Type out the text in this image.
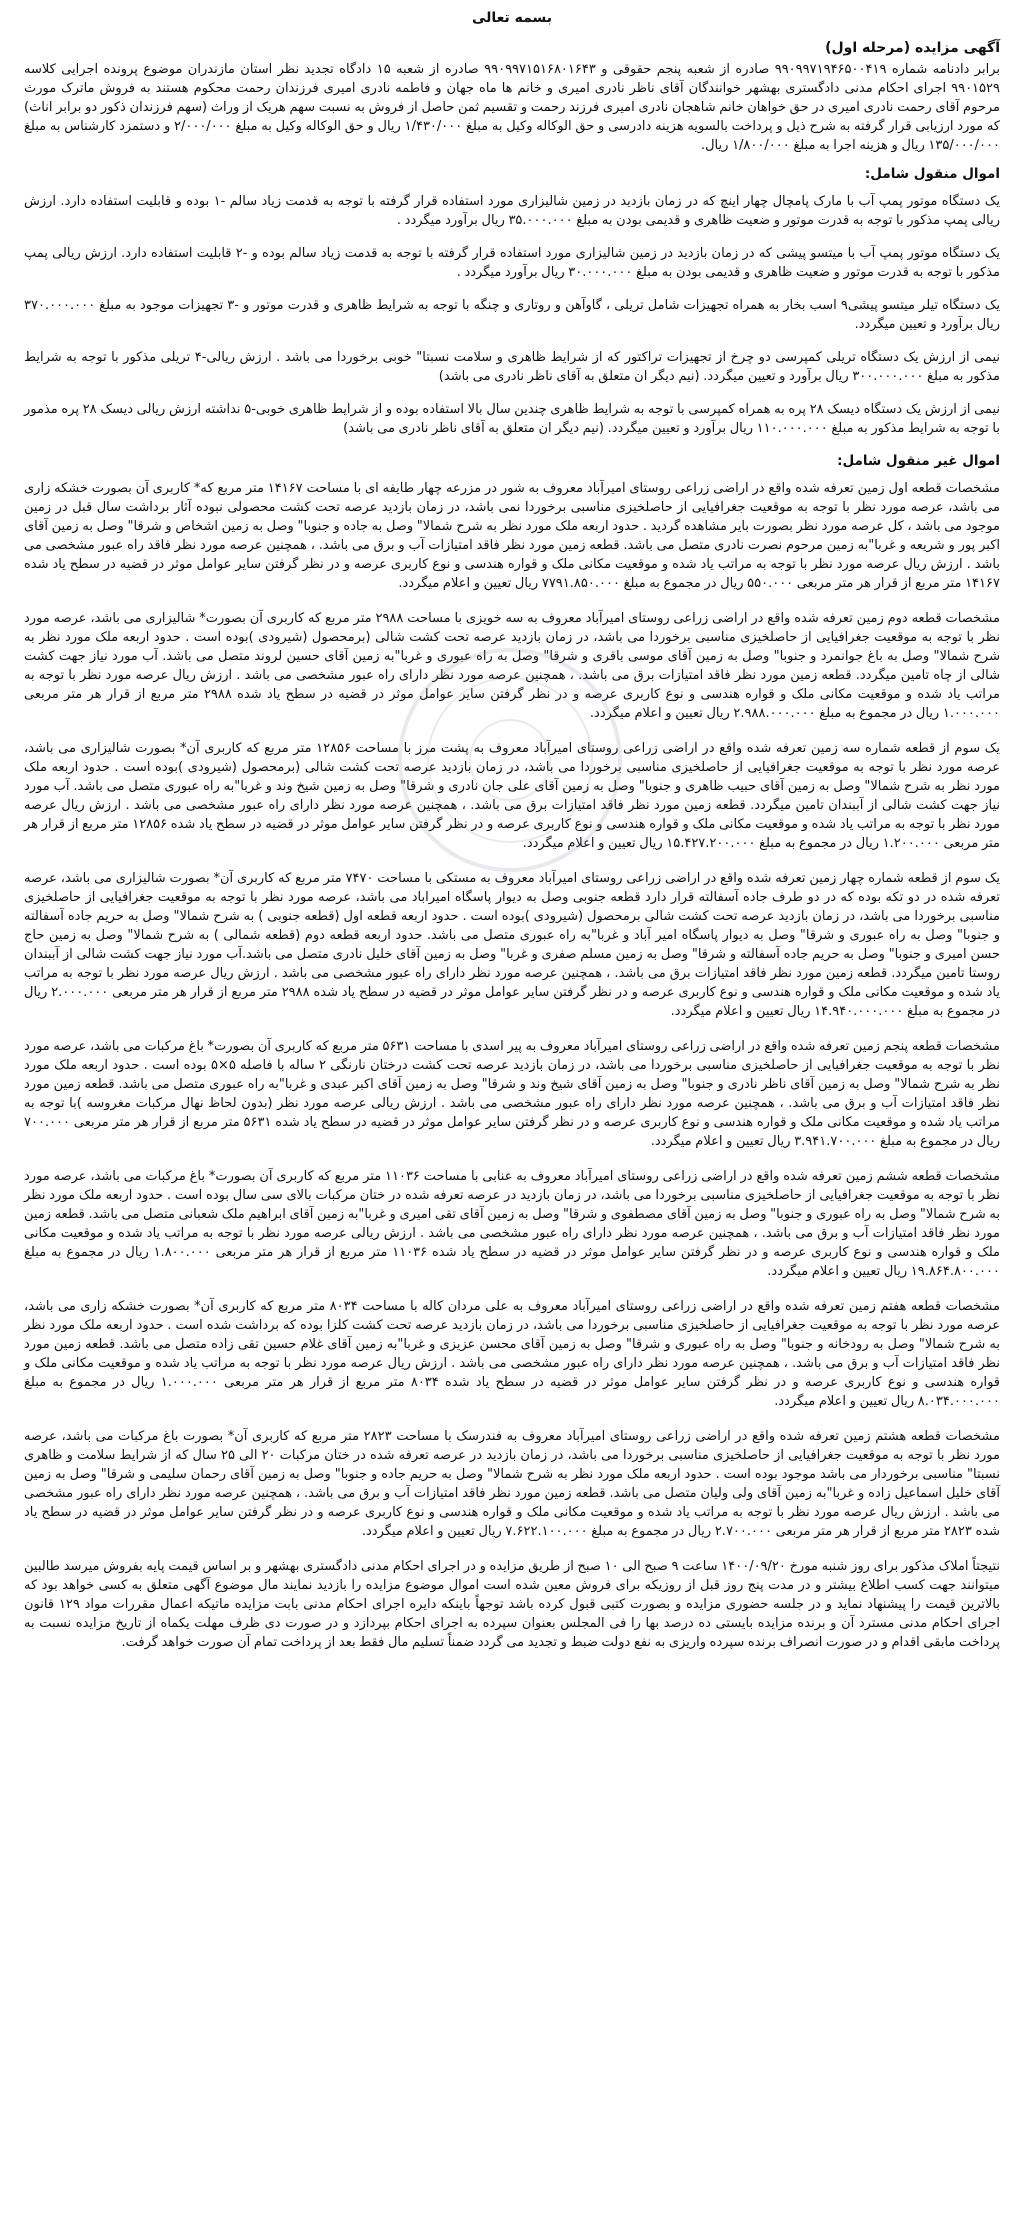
بسمه تعالی
آگهی مزایده (مرحله اول)

برابر دادنامه شماره ۹۹۰۹۹۷۱۹۴۶۵۰۰۴۱۹ صادره از شعبه پنجم حقوقی و ۹۹۰۹۹۷۱۵۱۶۸۰۱۶۴۳ صادره از شعبه ۱۵ دادگاه تجدید نظر استان مازندران موضوع پرونده اجرایی کلاسه ۹۹۰۱۵۲۹ اجرای احکام مدنی دادگستری بهشهر خوانندگان آقای ناظر نادری امیری و خانم ها ماه جهان و فاطمه نادری امیری فرزندان رحمت محکوم هستند به فروش ماترک مورث مرحوم آقای رحمت نادری امیری در حق خواهان خانم شاهجان نادری امیری فرزند رحمت و تقسیم ثمن حاصل از فروش به نسبت سهم هریک از وراث (سهم فرزندان ذکور دو برابر اناث) که مورد ارزیابی قرار گرفته به شرح ذیل و پرداخت بالسویه هزینه دادرسی و حق الوکاله وکیل به مبلغ ۱/۴۳۰/۰۰۰ ریال و حق الوکاله وکیل به مبلغ ۲/۰۰۰/۰۰۰ و دستمزد کارشناس به مبلغ ۱۳۵/۰۰۰/۰۰۰ ریال و هزینه اجرا به مبلغ ۱/۸۰۰/۰۰۰ ریال.

اموال منقول شامل:

یک دستگاه موتور پمپ آب با مارک پامچال چهار اینچ که در زمان بازدید در زمین شالیزاری مورد استفاده قرار گرفته با توجه به قدمت زیاد سالم -۱ بوده و قابلیت استفاده دارد. ارزش ریالی پمپ مذکور با توجه به قدرت موتور و ضعیت ظاهری و قدیمی بودن به مبلغ ۳۵.۰۰۰.۰۰۰ ریال برآورد میگردد .

یک دستگاه موتور پمپ آب با میتسو پیشی که در زمان بازدید در زمین شالیزاری مورد استفاده قرار گرفته با توجه به قدمت زیاد سالم بوده و -۲ قابلیت استفاده دارد. ارزش ریالی پمپ مذکور با توجه به قدرت موتور و ضعیت ظاهری و قدیمی بودن به مبلغ ۳۰.۰۰۰.۰۰۰ ریال برآورد میگردد .

یک دستگاه تیلر میتسو پیشی۹ اسب بخار به همراه تجهیزات شامل تریلی ، گاوآهن و روتاری و چنگه با توجه به شرایط ظاهری و قدرت موتور و -۳ تجهیزات موجود به مبلغ ۳۷۰.۰۰۰.۰۰۰ ریال برآورد و تعیین میگردد.

نیمی از ارزش یک دستگاه تریلی کمپرسی دو چرخ از تجهیزات تراکتور که از شرایط ظاهری و سلامت نسبتا" خوبی برخوردا می باشد . ارزش ریالی-۴ تریلی مذکور با توجه به شرایط مذکور به مبلغ ۳۰۰.۰۰۰.۰۰۰ ریال برآورد و تعیین میگردد. (نیم دیگر ان متعلق به آقای ناظر نادری می باشد)

نیمی از ارزش یک دستگاه دیسک ۲۸ پره به همراه کمپرسی با توجه به شرایط ظاهری چندین سال بالا استفاده بوده و از شرایط ظاهری خوبی-۵ نداشته ارزش ریالی دیسک ۲۸ پره مذمور با توجه به شرایط مذکور به مبلغ ۱۱۰.۰۰۰.۰۰۰ ریال برآورد و تعیین میگردد. (نیم دیگر ان متعلق به آقای ناظر نادری می باشد)

اموال غیر منقول شامل:

مشخصات قطعه اول زمین تعرفه شده واقع در اراضی زراعی روستای امیرآباد معروف به شور در مزرعه چهار طایفه ای با مساحت ۱۴۱۶۷ متر مربع که* کاربری آن بصورت خشکه زاری می باشد، عرصه مورد نظر با توجه به موقعیت جغرافیایی از حاصلخیزی مناسبی برخوردا نمی باشد، در زمان بازدید عرصه تحت کشت محصولی نبوده آثار برداشت سال قبل در زمین موجود می باشد ، کل عرصه مورد نظر بصورت بایر مشاهده گردید . حدود اربعه ملک مورد نظر به شرح شمالا" وصل به جاده و جنوبا" وصل به زمین اشخاص و شرقا" وصل به زمین آقای اکبر پور و شریعه و غربا"به زمین مرحوم نصرت نادری متصل می باشد. قطعه زمین مورد نظر فاقد امتیازات آب و برق می باشد. ، همچنین عرصه مورد نظر فاقد راه عبور مشخصی می باشد . ارزش ریال عرصه مورد نظر با توجه به مراتب یاد شده و موقعیت مکانی ملک و قواره هندسی و نوع کاربری عرصه و در نظر گرفتن سایر عوامل موثر در قضیه در سطح یاد شده ۱۴۱۶۷ متر مربع از قرار هر متر مربعی ۵۵۰.۰۰۰ ریال در مجموع به مبلغ ۷۷۹۱.۸۵۰.۰۰۰ ریال تعیین و اعلام میگردد.

مشخصات قطعه دوم زمین تعرفه شده واقع در اراضی زراعی روستای امیرآباد معروف به سه خویزی با مساحت ۲۹۸۸ متر مربع که کاربری آن بصورت* شالیزاری می باشد، عرصه مورد نظر با توجه به موقعیت جغرافیایی از حاصلخیزی مناسبی برخوردا می باشد، در زمان بازدید عرصه تحت کشت شالی (برمحصول (شیرودی )بوده است . حدود اربعه ملک مورد نظر به شرح شمالا" وصل به باغ جوانمرد و جنوبا" وصل به زمین آقای موسی باقری و شرقا" وصل به راه عبوری و غربا"به زمین آقای حسین لروند متصل می باشد. آب مورد نیاز جهت کشت شالی از چاه تامین میگردد. قطعه زمین مورد نظر فاقد امتیازات برق می باشد. ، همچنین عرصه مورد نظر دارای راه عبور مشخصی می باشد . ارزش ریال عرصه مورد نظر با توجه به مراتب یاد شده و موقعیت مکانی ملک و قواره هندسی و نوع کاربری عرصه و در نظر گرفتن سایر عوامل موثر در قضیه در سطح یاد شده ۲۹۸۸ متر مربع از قرار هر متر مربعی ۱.۰۰۰.۰۰۰ ریال در مجموع به مبلغ ۲.۹۸۸.۰۰۰.۰۰۰ ریال تعیین و اعلام میگردد.

یک سوم از قطعه شماره سه زمین تعرفه شده واقع در اراضی زراعی روستای امیرآباد معروف به پشت مرز با مساحت ۱۲۸۵۶ متر مربع که کاربری آن* بصورت شالیزاری می باشد، عرصه مورد نظر با توجه به موقعیت جغرافیایی از حاصلخیزی مناسبی برخوردا می باشد، در زمان بازدید عرصه تحت کشت شالی (برمحصول (شیرودی )بوده است . حدود اربعه ملک مورد نظر به شرح شمالا" وصل به زمین آقای حبیب ظاهری و جنوبا" وصل به زمین آقای علی جان نادری و شرقا" وصل به زمین شیخ وند و غربا"به راه عبوری متصل می باشد. آب مورد نیاز جهت کشت شالی از آببندان تامین میگردد. قطعه زمین مورد نظر فاقد امتیازات برق می باشد. ، همچنین عرصه مورد نظر دارای راه عبور مشخصی می باشد . ارزش ریال عرصه مورد نظر با توجه به مراتب یاد شده و موقعیت مکانی ملک و قواره هندسی و نوع کاربری عرصه و در نظر گرفتن سایر عوامل موثر در قضیه در سطح یاد شده ۱۲۸۵۶ متر مربع از قرار هر متر مربعی ۱.۲۰۰.۰۰۰ ریال در مجموع به مبلغ ۱۵.۴۲۷.۲۰۰.۰۰۰ ریال تعیین و اعلام میگردد.

یک سوم از قطعه شماره چهار زمین تعرفه شده واقع در اراضی زراعی روستای امیرآباد معروف به مستکی با مساحت ۷۴۷۰ متر مربع که کاربری آن* بصورت شالیزاری می باشد، عرصه تعرفه شده در دو تکه بوده که در دو طرف جاده آسفالته قرار دارد قطعه جنوبی وصل به دیوار پاسگاه امیراباد می باشد، عرصه مورد نظر با توجه به موقعیت جغرافیایی از حاصلخیزی مناسبی برخوردا می باشد، در زمان بازدید عرصه تحت کشت شالی برمحصول (شیرودی )بوده است . حدود اربعه قطعه اول (قطعه جنوبی ) به شرح شمالا" وصل به حریم جاده آسفالته و جنوبا" وصل به راه عبوری و شرقا" وصل به دیوار پاسگاه امیر آباد و غربا"به راه عبوری متصل می باشد. حدود اربعه قطعه دوم (قطعه شمالی ) به شرح شمالا" وصل به زمین حاج حسن امیری و جنوبا" وصل به حریم جاده آسفالته و شرقا" وصل به زمین مسلم صفری و غربا" وصل به زمین آقای خلیل نادری متصل می باشد.آب مورد نیاز جهت کشت شالی از آببندان روستا تامین میگردد. قطعه زمین مورد نظر فاقد امتیازات برق می باشد. ، همچنین عرصه مورد نظر دارای راه عبور مشخصی می باشد . ارزش ریال عرصه مورد نظر با توجه به مراتب یاد شده و موقعیت مکانی ملک و قواره هندسی و نوع کاربری عرصه و در نظر گرفتن سایر عوامل موثر در قضیه در سطح یاد شده ۲۹۸۸ متر مربع از قرار هر متر مربعی ۲.۰۰۰.۰۰۰ ریال در مجموع به مبلغ ۱۴.۹۴۰.۰۰۰.۰۰۰ ریال تعیین و اعلام میگردد.

مشخصات قطعه پنجم زمین تعرفه شده واقع در اراضی زراعی روستای امیرآباد معروف به پیر اسدی با مساحت ۵۶۳۱ متر مربع که کاربری آن بصورت* باغ مرکبات می باشد، عرصه مورد نظر با توجه به موقعیت جغرافیایی از حاصلخیزی مناسبی برخوردا می باشد، در زمان بازدید عرصه تحت کشت درختان نارنگی ۲ ساله با فاصله ۵×۵ بوده است . حدود اربعه ملک مورد نظر به شرح شمالا" وصل به زمین آقای ناظر نادری و جنوبا" وصل به زمین آقای شیخ وند و شرقا" وصل به زمین آقای اکبر عبدی و غربا"به راه عبوری متصل می باشد. قطعه زمین مورد نظر فاقد امتیازات آب و برق می باشد. ، همچنین عرصه مورد نظر دارای راه عبور مشخصی می باشد . ارزش ریالی عرصه مورد نظر (بدون لحاظ نهال مرکبات مغروسه )با توجه به مراتب یاد شده و موقعیت مکانی ملک و قواره هندسی و نوع کاربری عرصه و در نظر گرفتن سایر عوامل موثر در قضیه در سطح یاد شده ۵۶۳۱ متر مربع از قرار هر متر مربعی ۷۰۰.۰۰۰ ریال در مجموع به مبلغ ۳.۹۴۱.۷۰۰.۰۰۰ ریال تعیین و اعلام میگردد.

مشخصات قطعه ششم زمین تعرفه شده واقع در اراضی زراعی روستای امیرآباد معروف به عنابی با مساحت ۱۱۰۳۶ متر مربع که کاربری آن بصورت* باغ مرکبات می باشد، عرصه مورد نظر با توجه به موقعیت جغرافیایی از حاصلخیزی مناسبی برخوردا می باشد، در زمان بازدید در عرصه تعرفه شده در ختان مرکبات بالای سی سال بوده است . حدود اربعه ملک مورد نظر به شرح شمالا" وصل به راه عبوری و جنوبا" وصل به زمین آقای مصطفوی و شرقا" وصل به زمین آقای تقی امیری و غربا"به زمین آقای ابراهیم ملک شعبانی متصل می باشد. قطعه زمین مورد نظر فاقد امتیازات آب و برق می باشد. ، همچنین عرصه مورد نظر دارای راه عبور مشخصی می باشد . ارزش ریالی عرصه مورد نظر با توجه به مراتب یاد شده و موقعیت مکانی ملک و قواره هندسی و نوع کاربری عرصه و در نظر گرفتن سایر عوامل موثر در قضیه در سطح یاد شده ۱۱۰۳۶ متر مربع از قرار هر متر مربعی ۱.۸۰۰.۰۰۰ ریال در مجموع به مبلغ ۱۹.۸۶۴.۸۰۰.۰۰۰ ریال تعیین و اعلام میگردد.

مشخصات قطعه هفتم زمین تعرفه شده واقع در اراضی زراعی روستای امیرآباد معروف به علی مردان کاله با مساحت ۸۰۳۴ متر مربع که کاربری آن* بصورت خشکه زاری می باشد، عرصه مورد نظر با توجه به موقعیت جغرافیایی از حاصلخیزی مناسبی برخوردا می باشد، در زمان بازدید عرصه تحت کشت کلزا بوده که برداشت شده است . حدود اربعه ملک مورد نظر به شرح شمالا" وصل به رودخانه و جنوبا" وصل به راه عبوری و شرقا" وصل به زمین آقای محسن عزیزی و غربا"به زمین آقای غلام حسین تقی زاده متصل می باشد. قطعه زمین مورد نظر فاقد امتیازات آب و برق می باشد. ، همچنین عرصه مورد نظر دارای راه عبور مشخصی می باشد . ارزش ریال عرصه مورد نظر با توجه به مراتب یاد شده و موقعیت مکانی ملک و قواره هندسی و نوع کاربری عرصه و در نظر گرفتن سایر عوامل موثر در قضیه در سطح یاد شده ۸۰۳۴ متر مربع از قرار هر متر مربعی ۱.۰۰۰.۰۰۰ ریال در مجموع به مبلغ ۸.۰۳۴.۰۰۰.۰۰۰ ریال تعیین و اعلام میگردد.

مشخصات قطعه هشتم زمین تعرفه شده واقع در اراضی زراعی روستای امیرآباد معروف به فندرسک با مساحت ۲۸۲۳ متر مربع که کاربری آن* بصورت باغ مرکبات می باشد، عرصه مورد نظر با توجه به موقعیت جغرافیایی از حاصلخیزی مناسبی برخوردا می باشد، در زمان بازدید در عرصه تعرفه شده در ختان مرکبات ۲۰ الی ۲۵ سال که از شرایط سلامت و ظاهری نسبتا" مناسبی برخوردار می باشد موجود بوده است . حدود اربعه ملک مورد نظر به شرح شمالا" وصل به حریم جاده و جنوبا" وصل به زمین آقای رحمان سلیمی و شرقا" وصل به زمین آقای خلیل اسماعیل زاده و غربا"به زمین آقای ولی ولیان متصل می باشد. قطعه زمین مورد نظر فاقد امتیازات آب و برق می باشد. ، همچنین عرصه مورد نظر دارای راه عبور مشخصی می باشد . ارزش ریال عرصه مورد نظر با توجه به مراتب یاد شده و موقعیت مکانی ملک و قواره هندسی و نوع کاربری عرصه و در نظر گرفتن سایر عوامل موثر در قضیه در سطح یاد شده ۲۸۲۳ متر مربع از قرار هر متر مربعی ۲.۷۰۰.۰۰۰ ریال در مجموع به مبلغ ۷.۶۲۲.۱۰۰.۰۰۰ ریال تعیین و اعلام میگردد.

نتیجتاً املاک مذکور برای روز شنبه مورخ ۱۴۰۰/۰۹/۲۰ ساعت ۹ صبح الی ۱۰ صبح از طریق مزایده و در اجرای احکام مدنی دادگستری بهشهر و بر اساس قیمت پایه بفروش میرسد طالبین میتوانند جهت کسب اطلاع بیشتر و در مدت پنج روز قبل از روزیکه برای فروش معین شده است اموال موضوع مزایده را بازدید نمایند مال موضوع آگهی متعلق به کسی خواهد بود که بالاترین قیمت را پیشنهاد نماید و در جلسه حضوری مزایده و بصورت کتبی قبول کرده باشد توجهاً باینکه دایره اجرای احکام مدنی بابت مزایده ماتیکه اعمال مقررات مواد ۱۲۹ قانون اجرای احکام مدنی مسترد آن و برنده مزایده بایستی ده درصد بها را فی المجلس بعنوان سپرده به اجرای احکام بپردازد و در صورت دی ظرف مهلت یکماه از تاریخ مزایده نسبت به پرداخت مابقی اقدام و در صورت انصراف برنده سپرده واریزی به نفع دولت ضبط و تجدید می گردد ضمناً تسلیم مال فقط بعد از پرداخت تمام آن صورت خواهد گرفت.
